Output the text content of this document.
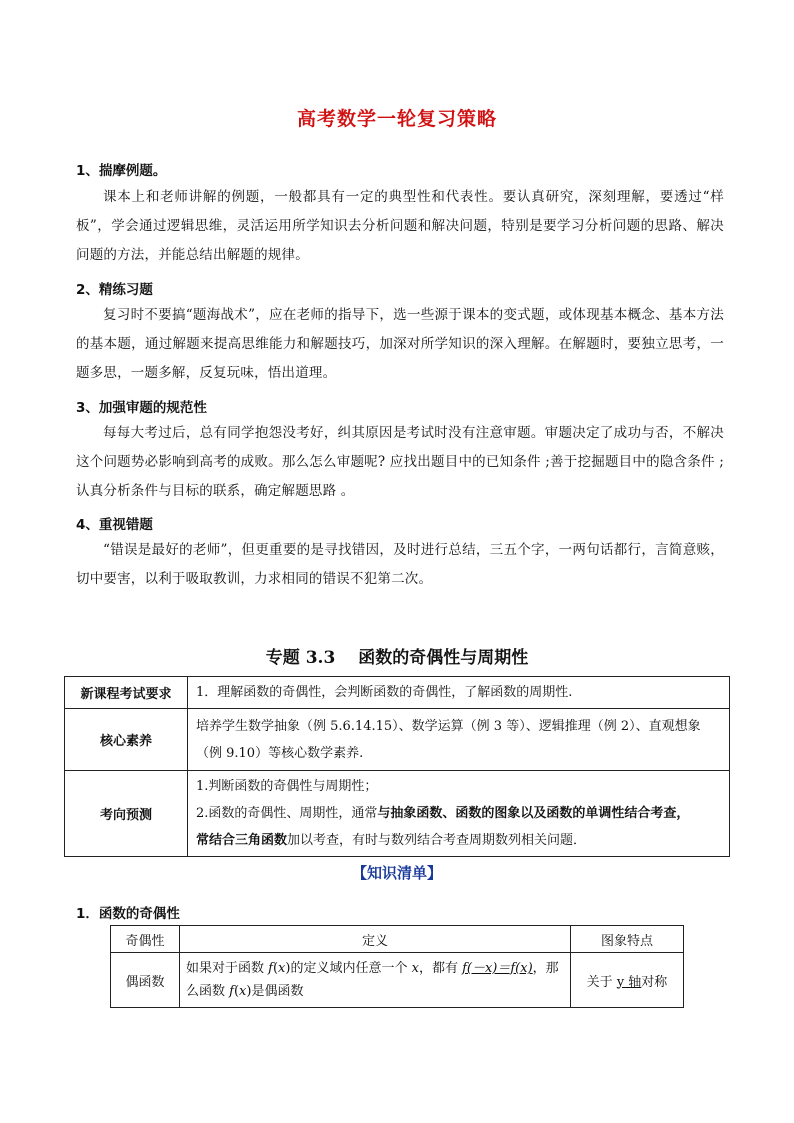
高考数学一轮复习策略
1、揣摩例题。
课本上和老师讲解的例题，一般都具有一定的典型性和代表性。要认真研究，深刻理解，要透过“样板”，学会通过逻辑思维，灵活运用所学知识去分析问题和解决问题，特别是要学习分析问题的思路、解决问题的方法，并能总结出解题的规律。
2、精练习题
复习时不要搞“题海战术”，应在老师的指导下，选一些源于课本的变式题，或体现基本概念、基本方法的基本题，通过解题来提高思维能力和解题技巧，加深对所学知识的深入理解。在解题时，要独立思考，一题多思，一题多解，反复玩味，悟出道理。
3、加强审题的规范性
每每大考过后，总有同学抱怨没考好，纠其原因是考试时没有注意审题。审题决定了成功与否，不解决这个问题势必影响到高考的成败。那么怎么审题呢? 应找出题目中的已知条件 ;善于挖掘题目中的隐含条件 ;认真分析条件与目标的联系，确定解题思路 。
4、重视错题
“错误是最好的老师”，但更重要的是寻找错因，及时进行总结，三五个字，一两句话都行，言简意赅，切中要害，以利于吸取教训，力求相同的错误不犯第二次。
专题 3.3　 函数的奇偶性与周期性
新课程考试要求	1．理解函数的奇偶性，会判断函数的奇偶性，了解函数的周期性.
核心素养	培养学生数学抽象（例 5.6.14.15）、数学运算（例 3 等）、逻辑推理（例 2）、直观想象（例 9.10）等核心数学素养.
考向预测	1.判断函数的奇偶性与周期性；
2.函数的奇偶性、周期性，通常与抽象函数、函数的图象以及函数的单调性结合考查，
常结合三角函数加以考查，有时与数列结合考查周期数列相关问题．
【知识清单】
1．函数的奇偶性
奇偶性	定义	图象特点
偶函数	如果对于函数 f(x)的定义域内任意一个 x，都有 f(－x)＝f(x)，那么函数 f(x)是偶函数	关于 y 轴对称
